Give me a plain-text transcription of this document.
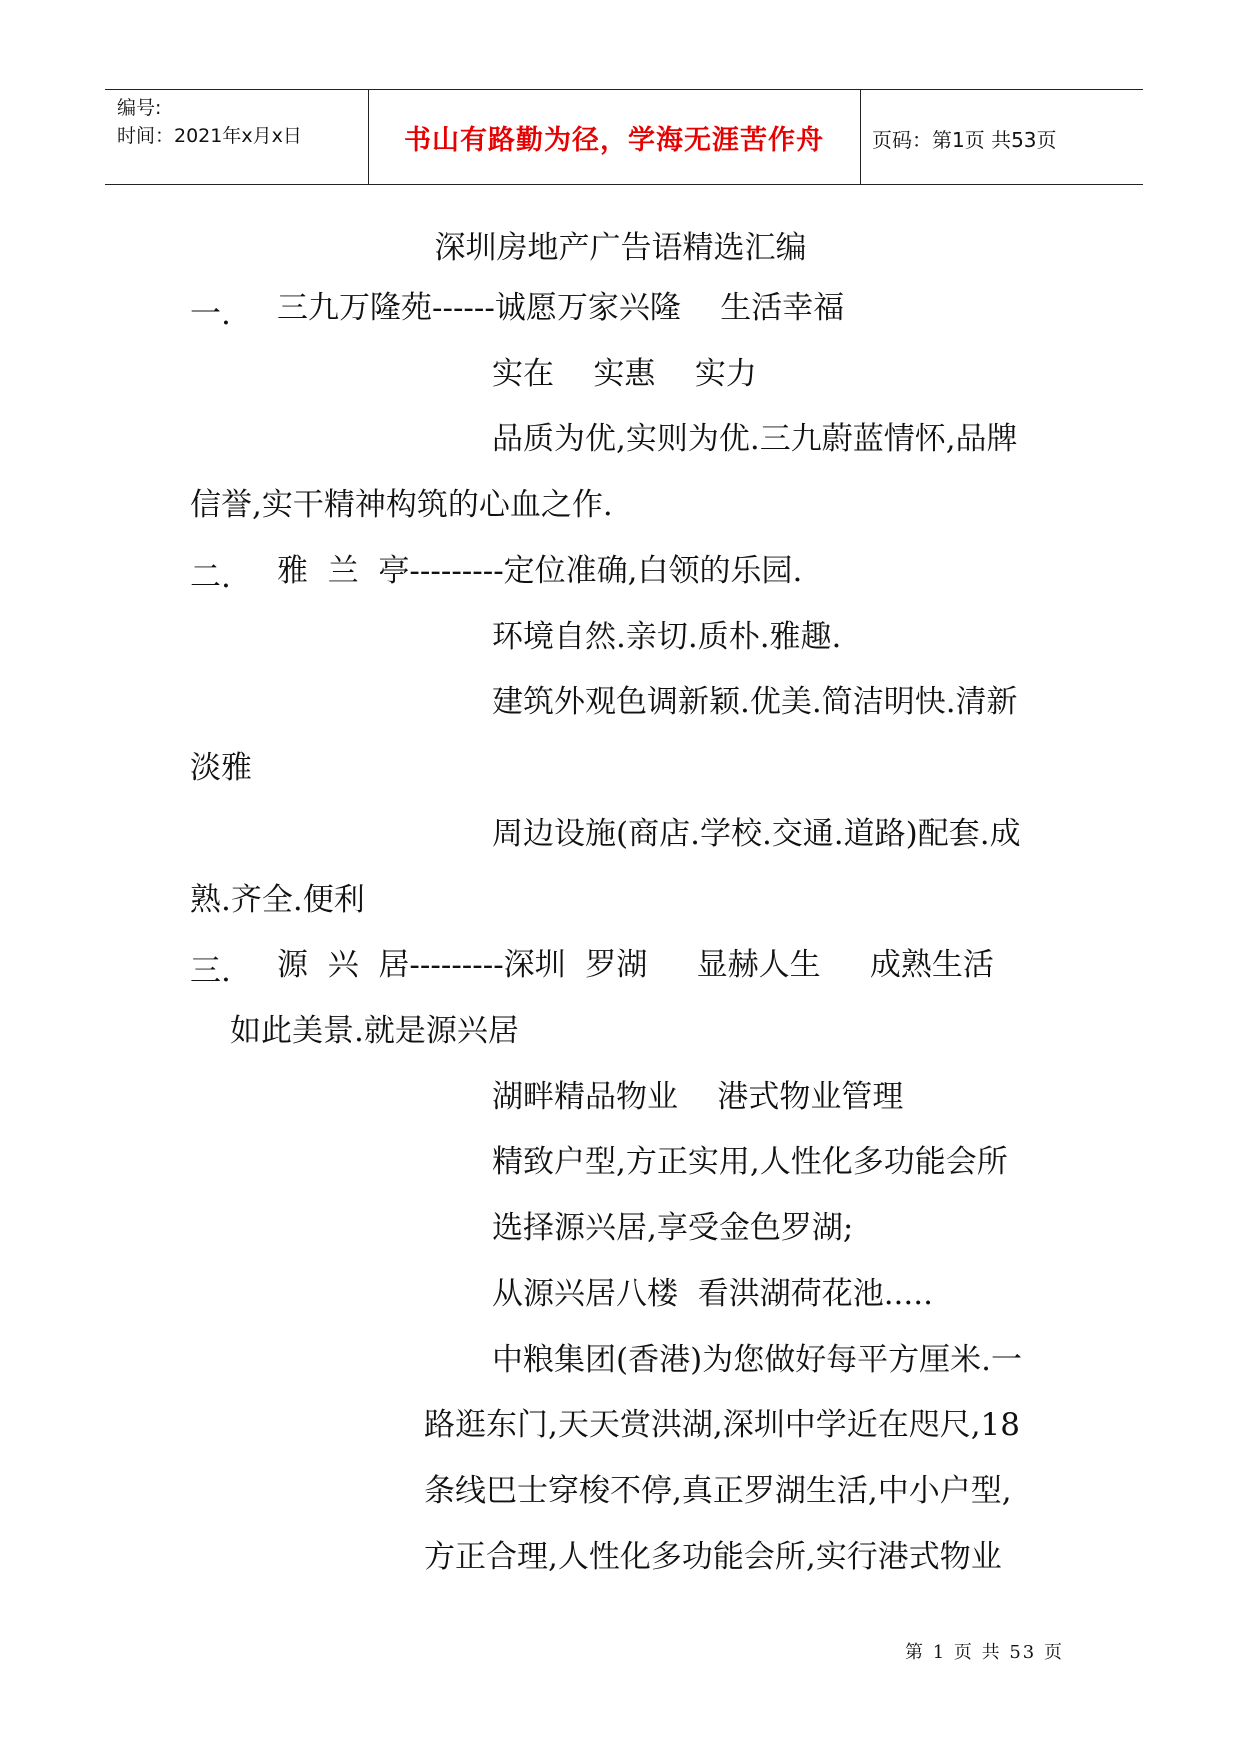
编号:
时间：2021年x月x日	书山有路勤为径，学海无涯苦作舟	页码：第1页 共53页
深圳房地产广告语精选汇编
一. 三九万隆苑------诚愿万家兴隆    生活幸福
实在    实惠    实力
品质为优,实则为优.三九蔚蓝情怀,品牌
信誉,实干精神构筑的心血之作.
二. 雅  兰  亭---------定位准确,白领的乐园.
环境自然.亲切.质朴.雅趣.
建筑外观色调新颖.优美.简洁明快.清新
淡雅
周边设施(商店.学校.交通.道路)配套.成
熟.齐全.便利
三. 源  兴  居---------深圳  罗湖     显赫人生     成熟生活
如此美景.就是源兴居
湖畔精品物业    港式物业管理
精致户型,方正实用,人性化多功能会所
选择源兴居,享受金色罗湖;
从源兴居八楼  看洪湖荷花池.....
中粮集团(香港)为您做好每平方厘米.一
路逛东门,天天赏洪湖,深圳中学近在咫尺,18
条线巴士穿梭不停,真正罗湖生活,中小户型,
方正合理,人性化多功能会所,实行港式物业
第 1 页 共 53 页
